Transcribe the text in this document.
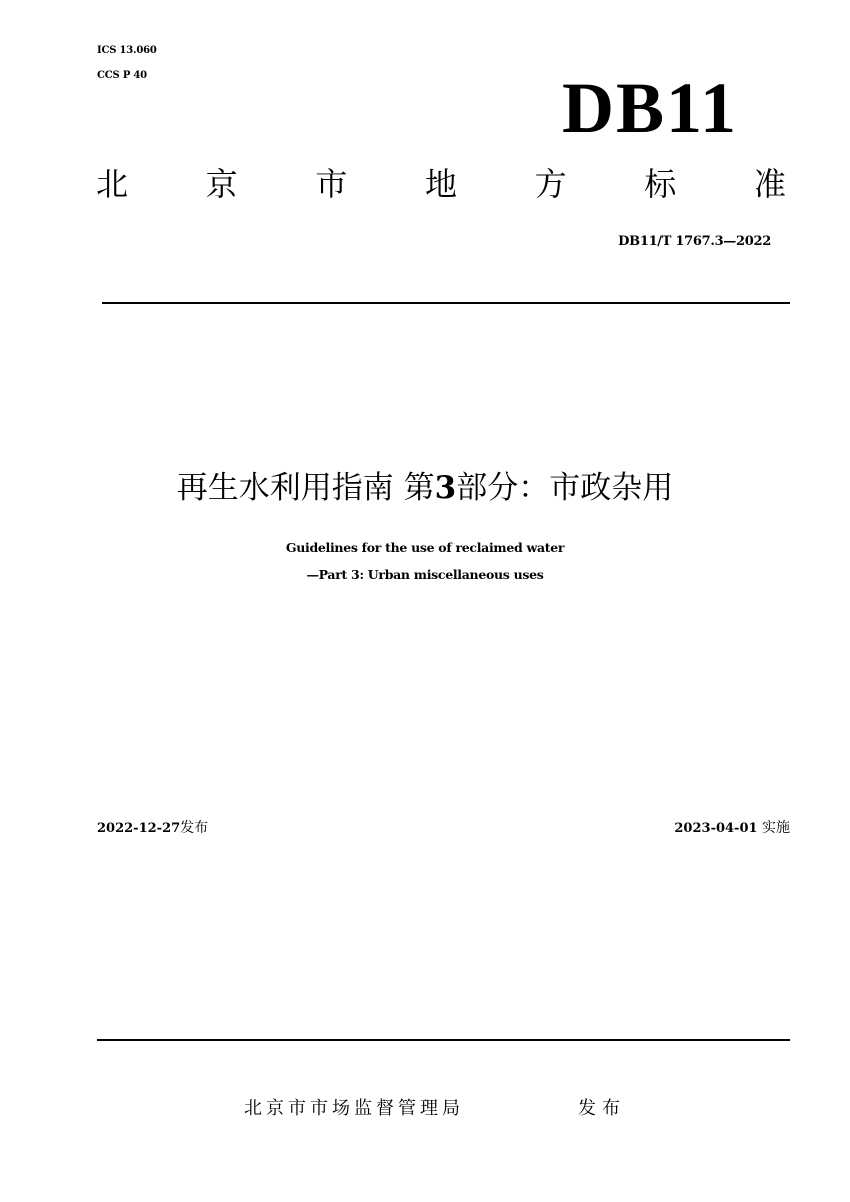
ICS 13.060
CCS P 40	DB11
北 京 市 地 方 标 准
DB11/T 1767.3—2022
再生水利用指南 第3部分：市政杂用
Guidelines for the use of reclaimed water
—Part 3: Urban miscellaneous uses
2022-12-27发布	2023-04-01 实施
北京市市场监督管理局	发布
